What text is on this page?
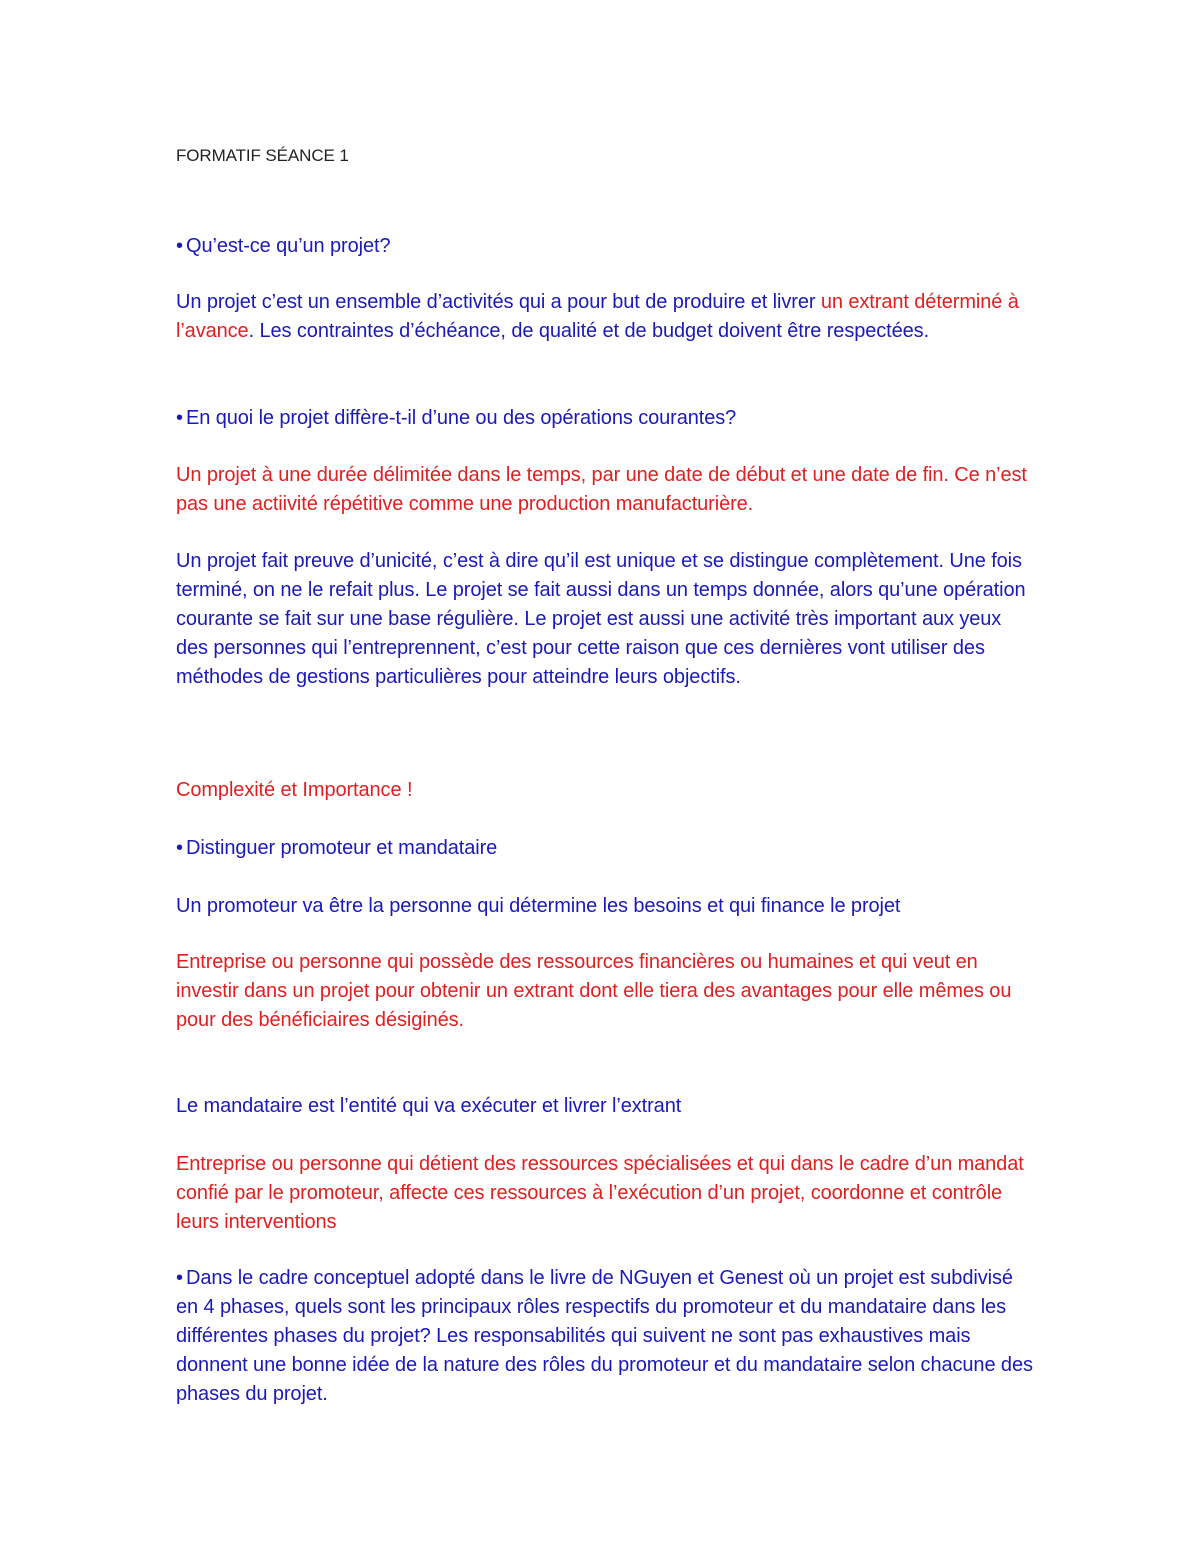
FORMATIF SÉANCE 1

• Qu’est-ce qu’un projet?

Un projet c’est un ensemble d’activités qui a pour but de produire et livrer un extrant déterminé à l’avance. Les contraintes d’échéance, de qualité et de budget doivent être respectées.

• En quoi le projet diffère-t-il d’une ou des opérations courantes?

Un projet à une durée délimitée dans le temps, par une date de début et une date de fin. Ce n’est pas une actiivité répétitive comme une production manufacturière.

Un projet fait preuve d’unicité, c’est à dire qu’il est unique et se distingue complètement. Une fois terminé, on ne le refait plus. Le projet se fait aussi dans un temps donnée, alors qu’une opération courante se fait sur une base régulière. Le projet est aussi une activité très important aux yeux des personnes qui l’entreprennent, c’est pour cette raison que ces dernières vont utiliser des méthodes de gestions particulières pour atteindre leurs objectifs.

Complexité et Importance !

• Distinguer promoteur et mandataire

Un promoteur va être la personne qui détermine les besoins et qui finance le projet

Entreprise ou personne qui possède des ressources financières ou humaines et qui veut en investir dans un projet pour obtenir un extrant dont elle tiera des avantages pour elle mêmes ou pour des bénéficiaires désiginés.

Le mandataire est l’entité qui va exécuter et livrer l’extrant

Entreprise ou personne qui détient des ressources spécialisées et qui dans le cadre d’un mandat confié par le promoteur, affecte ces ressources à l’exécution d’un projet, coordonne et contrôle leurs interventions

• Dans le cadre conceptuel adopté dans le livre de NGuyen et Genest où un projet est subdivisé en 4 phases, quels sont les principaux rôles respectifs du promoteur et du mandataire dans les différentes phases du projet? Les responsabilités qui suivent ne sont pas exhaustives mais donnent une bonne idée de la nature des rôles du promoteur et du mandataire selon chacune des phases du projet.
